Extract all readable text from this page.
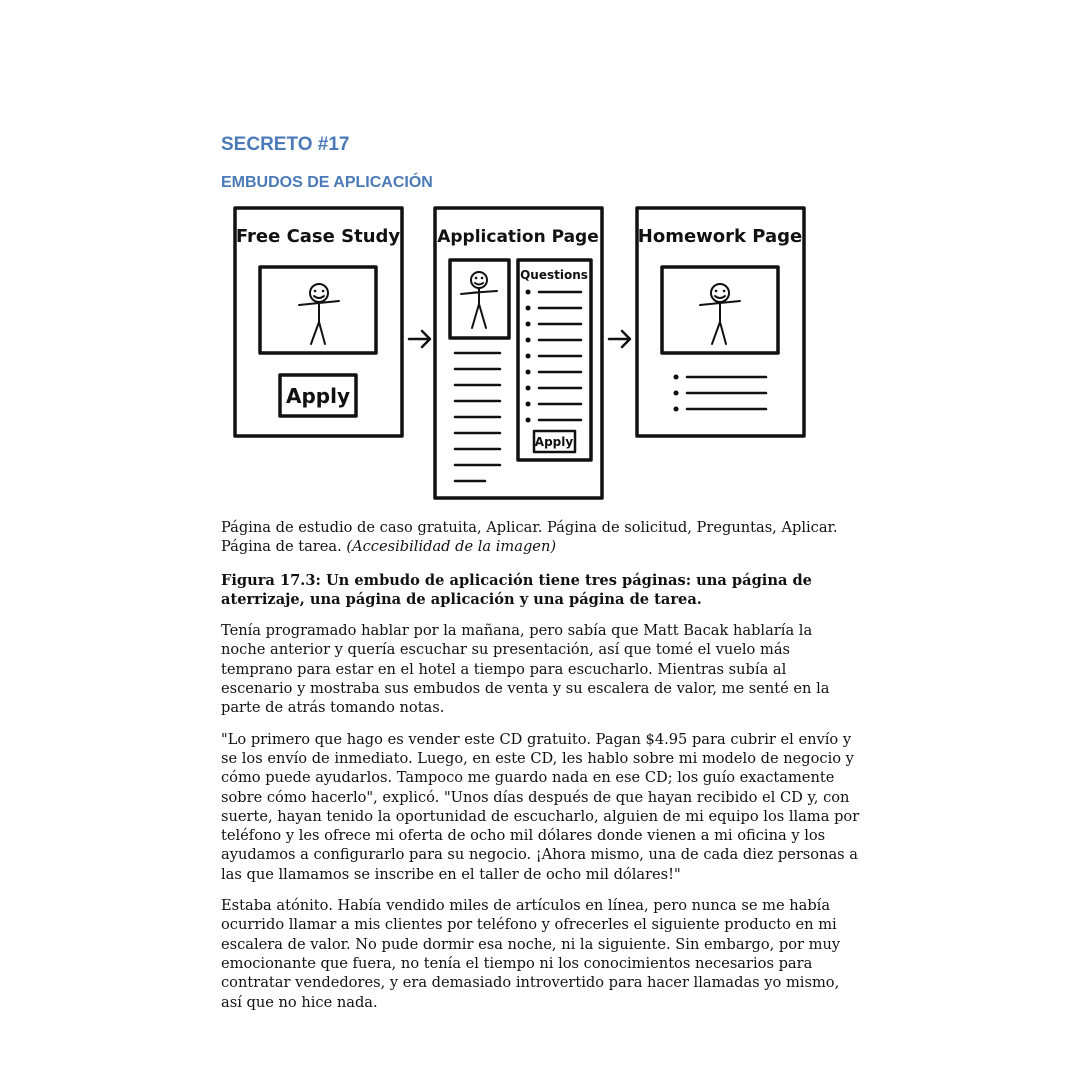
SECRETO #17
EMBUDOS DE APLICACIÓN
Free Case Study
Apply
Application Page
Questions
Apply
Homework Page

Página de estudio de caso gratuita, Aplicar. Página de solicitud, Preguntas, Aplicar. Página de tarea. (Accesibilidad de la imagen)

Figura 17.3: Un embudo de aplicación tiene tres páginas: una página de aterrizaje, una página de aplicación y una página de tarea.

Tenía programado hablar por la mañana, pero sabía que Matt Bacak hablaría la noche anterior y quería escuchar su presentación, así que tomé el vuelo más temprano para estar en el hotel a tiempo para escucharlo. Mientras subía al escenario y mostraba sus embudos de venta y su escalera de valor, me senté en la parte de atrás tomando notas.

"Lo primero que hago es vender este CD gratuito. Pagan $4.95 para cubrir el envío y se los envío de inmediato. Luego, en este CD, les hablo sobre mi modelo de negocio y cómo puede ayudarlos. Tampoco me guardo nada en ese CD; los guío exactamente sobre cómo hacerlo", explicó. "Unos días después de que hayan recibido el CD y, con suerte, hayan tenido la oportunidad de escucharlo, alguien de mi equipo los llama por teléfono y les ofrece mi oferta de ocho mil dólares donde vienen a mi oficina y los ayudamos a configurarlo para su negocio. ¡Ahora mismo, una de cada diez personas a las que llamamos se inscribe en el taller de ocho mil dólares!"

Estaba atónito. Había vendido miles de artículos en línea, pero nunca se me había ocurrido llamar a mis clientes por teléfono y ofrecerles el siguiente producto en mi escalera de valor. No pude dormir esa noche, ni la siguiente. Sin embargo, por muy emocionante que fuera, no tenía el tiempo ni los conocimientos necesarios para contratar vendedores, y era demasiado introvertido para hacer llamadas yo mismo, así que no hice nada.
